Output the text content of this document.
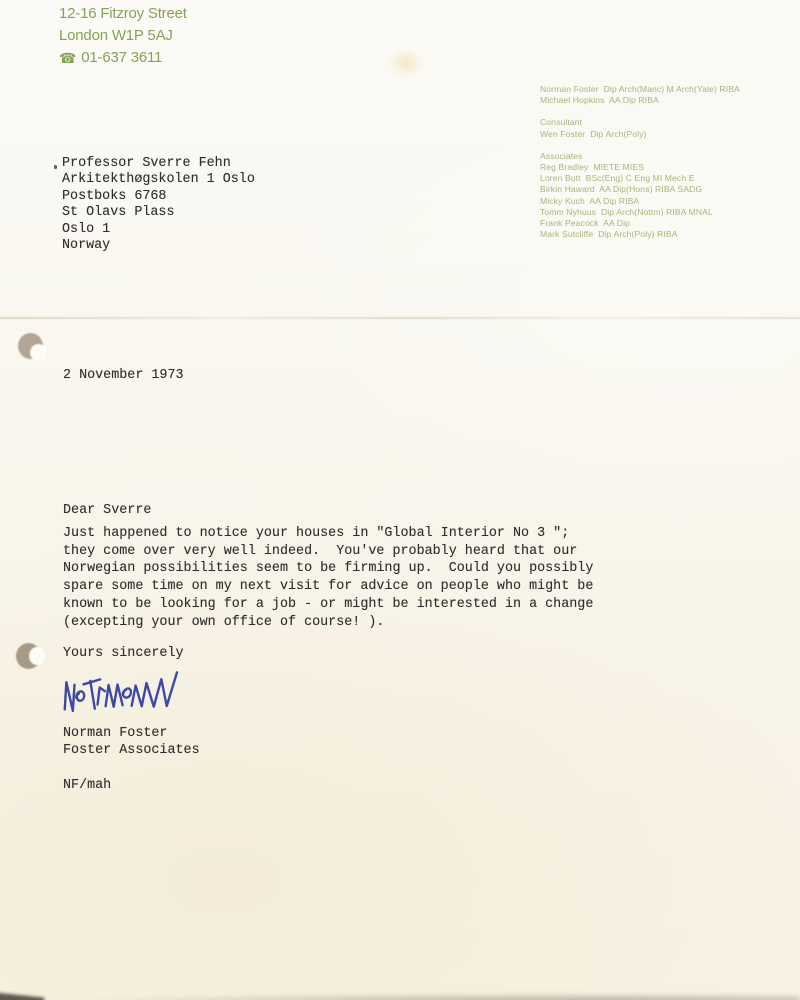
12-16 Fitzroy Street
London W1P 5AJ
☎ 01-637 3611
Norman Foster  Dip Arch(Manc) M Arch(Yale) RIBA
Michael Hopkins  AA Dip RIBA
Consultant
Wen Foster  Dip Arch(Poly)
Associates
Reg Bradley  MIETE MIES
Loren Butt  BSc(Eng) C Eng MI Mech E
Birkin Haward  AA Dip(Hons) RIBA SADG
Micky Kuch  AA Dip RIBA
Tomm Nyhuus  Dip Arch(Nottm) RIBA MNAL
Frank Peacock  AA Dip
Mark Sutcliffe  Dip Arch(Poly) RIBA
Professor Sverre Fehn
Arkitekthøgskolen 1 Oslo
Postboks 6768
St Olavs Plass
Oslo 1
Norway
2 November 1973
Dear Sverre
Just happened to notice your houses in "Global Interior No 3 ";
they come over very well indeed.  You've probably heard that our
Norwegian possibilities seem to be firming up.  Could you possibly
spare some time on my next visit for advice on people who might be
known to be looking for a job - or might be interested in a change
(excepting your own office of course! ).
Yours sincerely
Norman Foster
Foster Associates
NF/mah
